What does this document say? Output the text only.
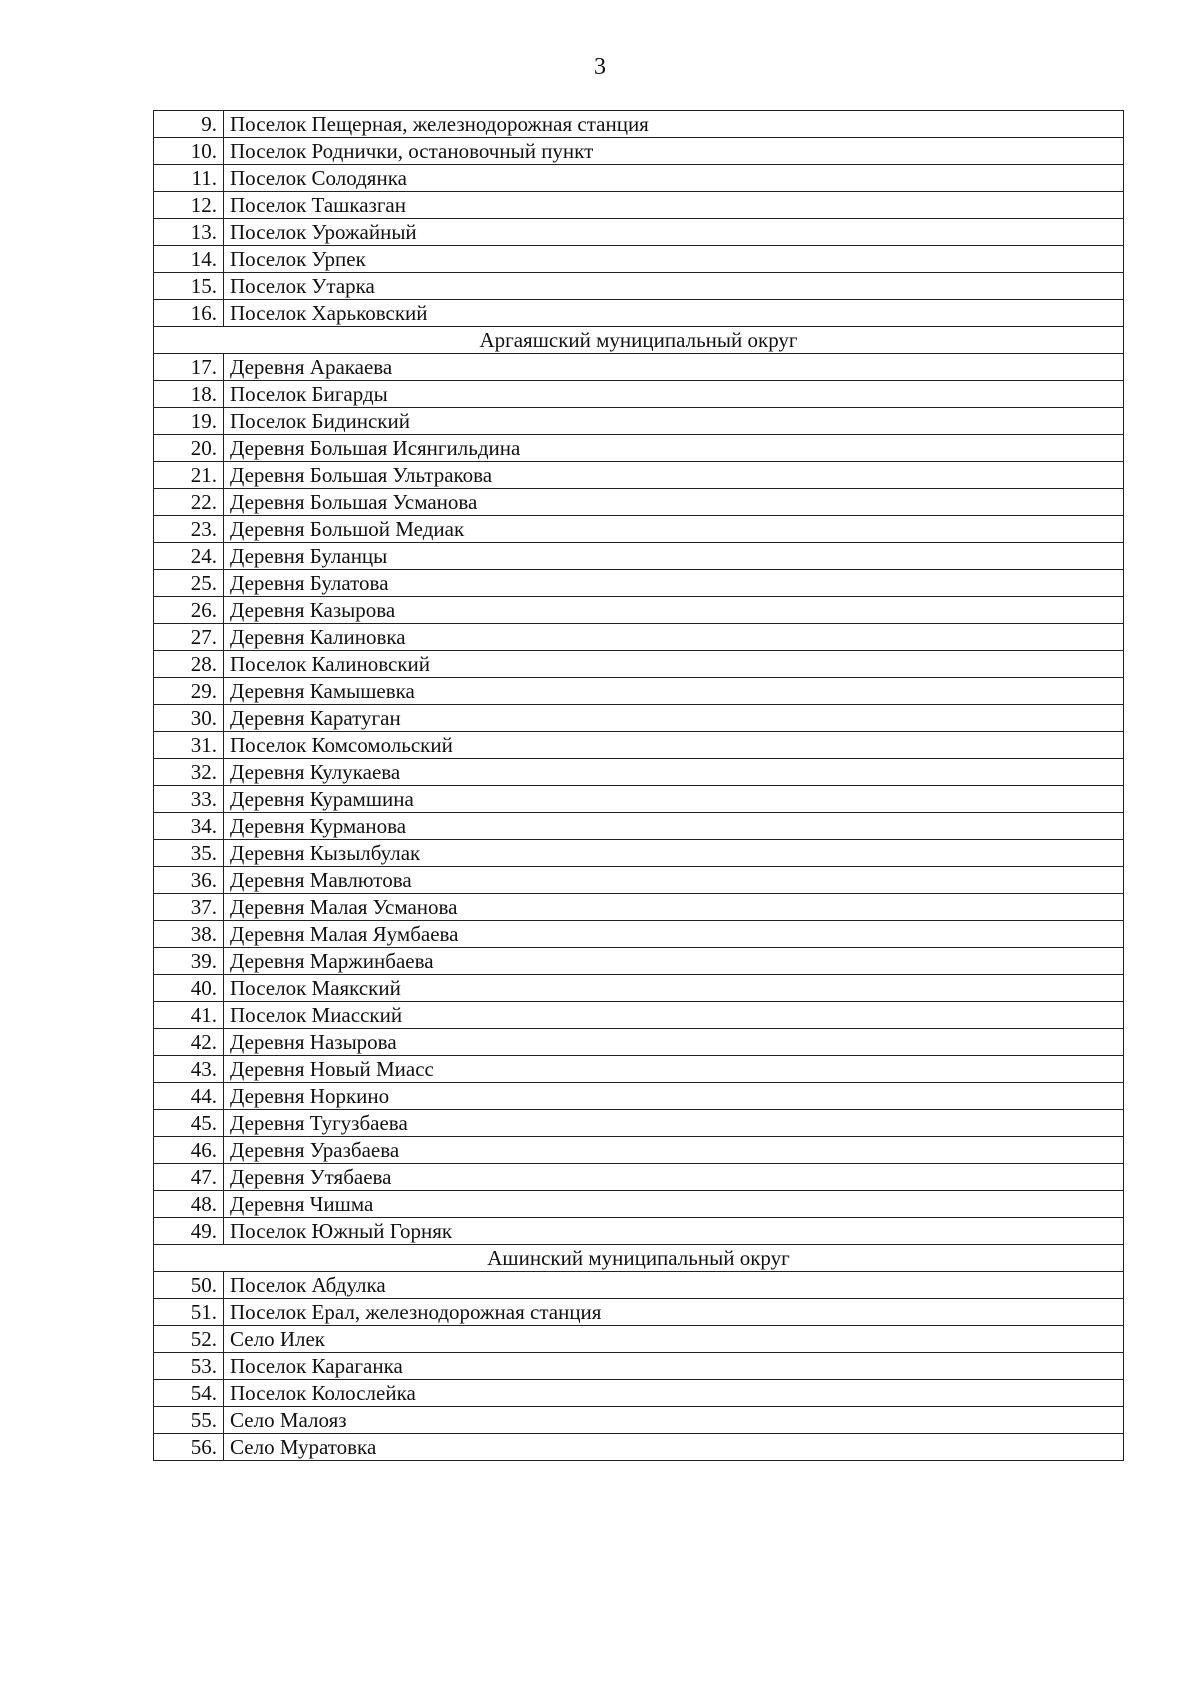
3
9.	Поселок Пещерная, железнодорожная станция
10.	Поселок Роднички, остановочный пункт
11.	Поселок Солодянка
12.	Поселок Ташказган
13.	Поселок Урожайный
14.	Поселок Урпек
15.	Поселок Утарка
16.	Поселок Харьковский
Аргаяшский муниципальный округ	
17.	Деревня Аракаева
18.	Поселок Бигарды
19.	Поселок Бидинский
20.	Деревня Большая Исянгильдина
21.	Деревня Большая Ультракова
22.	Деревня Большая Усманова
23.	Деревня Большой Медиак
24.	Деревня Буланцы
25.	Деревня Булатова
26.	Деревня Казырова
27.	Деревня Калиновка
28.	Поселок Калиновский
29.	Деревня Камышевка
30.	Деревня Каратуган
31.	Поселок Комсомольский
32.	Деревня Кулукаева
33.	Деревня Курамшина
34.	Деревня Курманова
35.	Деревня Кызылбулак
36.	Деревня Мавлютова
37.	Деревня Малая Усманова
38.	Деревня Малая Яумбаева
39.	Деревня Маржинбаева
40.	Поселок Маякский
41.	Поселок Миасский
42.	Деревня Назырова
43.	Деревня Новый Миасс
44.	Деревня Норкино
45.	Деревня Тугузбаева
46.	Деревня Уразбаева
47.	Деревня Утябаева
48.	Деревня Чишма
49.	Поселок Южный Горняк
Ашинский муниципальный округ	
50.	Поселок Абдулка
51.	Поселок Ерал, железнодорожная станция
52.	Село Илек
53.	Поселок Караганка
54.	Поселок Колослейка
55.	Село Малояз
56.	Село Муратовка
